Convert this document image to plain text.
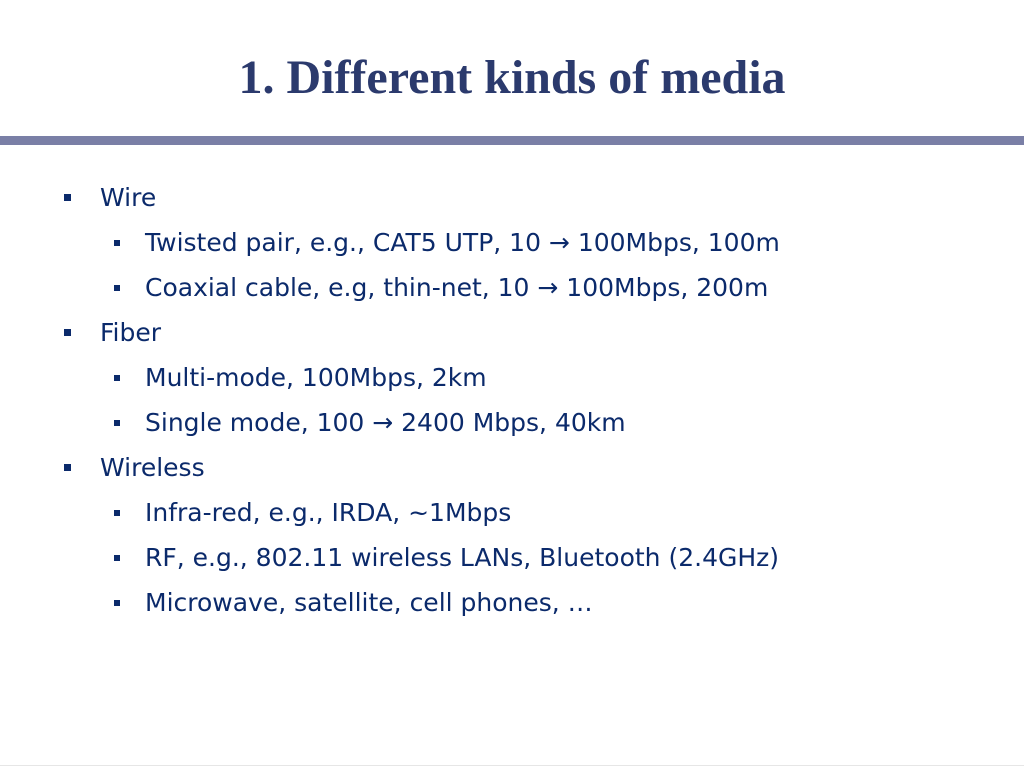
1. Different kinds of media
Wire
Twisted pair, e.g., CAT5 UTP, 10 → 100Mbps, 100m
Coaxial cable, e.g, thin-net, 10 → 100Mbps, 200m
Fiber
Multi-mode, 100Mbps, 2km
Single mode, 100 → 2400 Mbps, 40km
Wireless
Infra-red, e.g., IRDA, ~1Mbps
RF, e.g., 802.11 wireless LANs, Bluetooth (2.4GHz)
Microwave, satellite, cell phones, …
